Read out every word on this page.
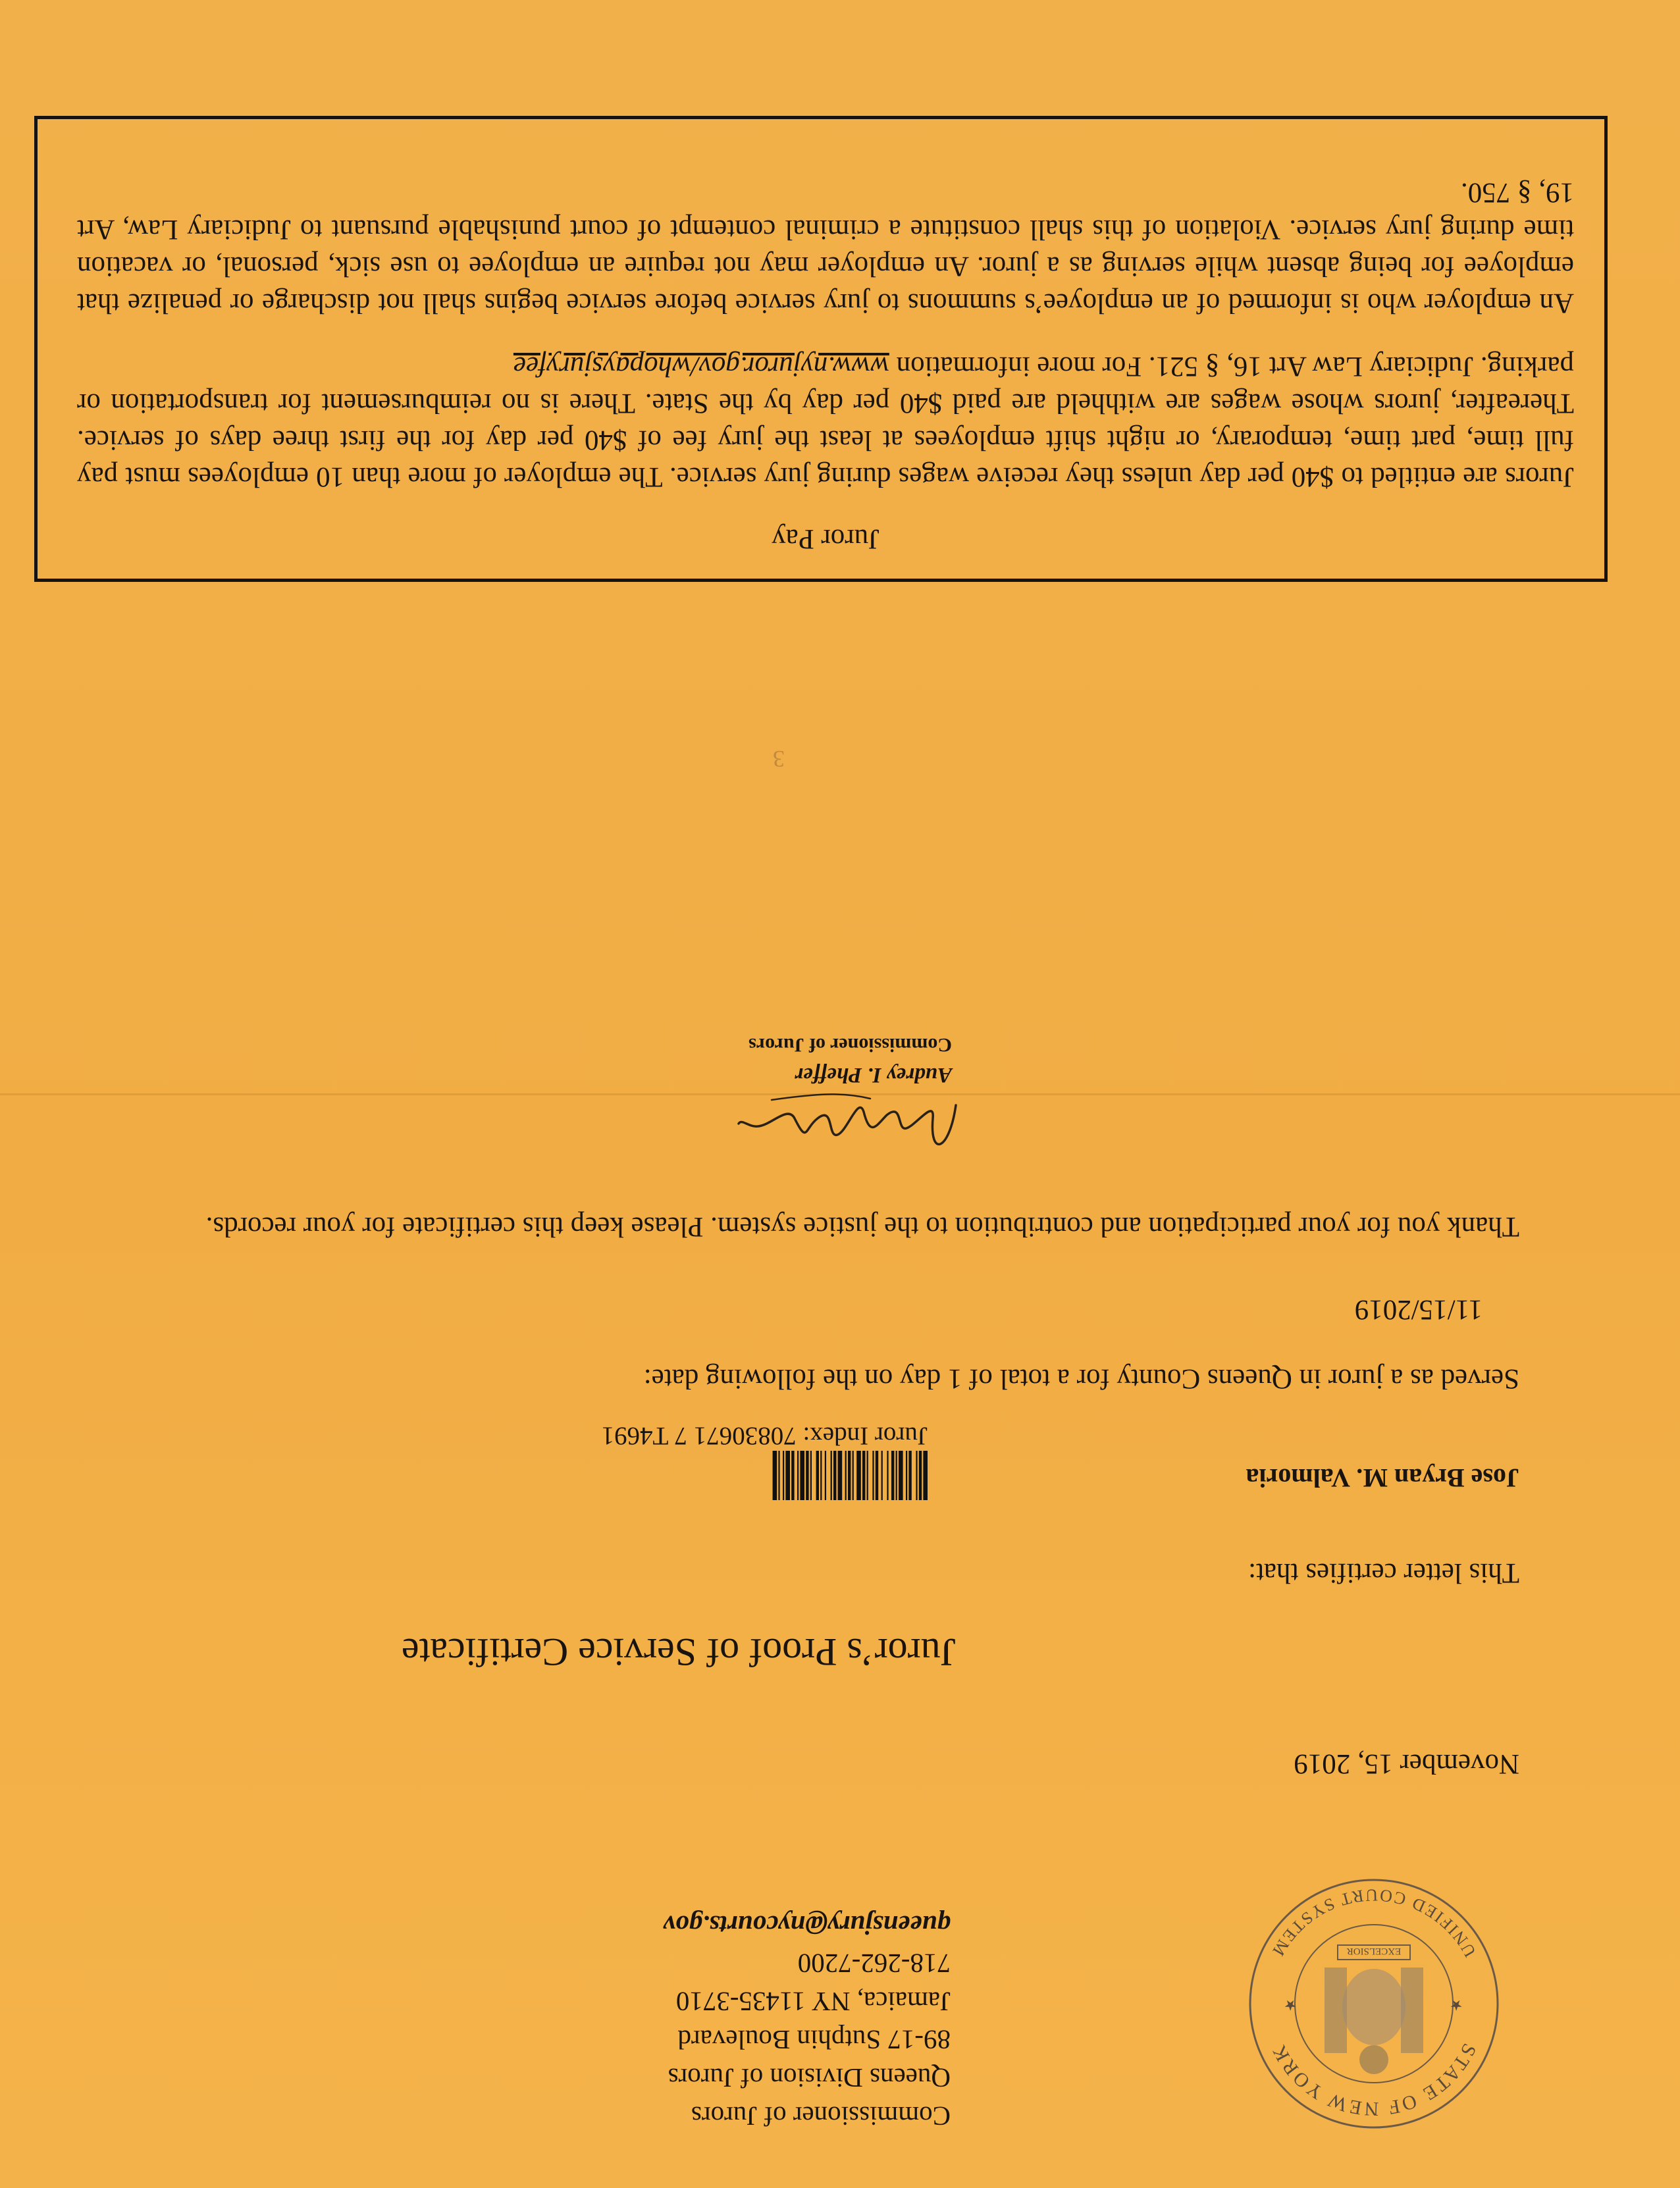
STATE OF NEW YORK
UNIFIED COURT SYSTEM
★
★
EXCELSIOR
Commissioner of Jurors
Queens Division of Jurors
89-17 Sutphin Boulevard
Jamaica, NY 11435-3710
718-262-7200
queensjury@nycourts.gov
November 15, 2019
Juror’s Proof of Service Certificate
This letter certifies that:
Jose Bryan M. Valmoria
Juror Index: 70830671 7 T4691
Served as a juror in Queens County for a total of 1 day on the following date:
11/15/2019
Thank you for your participation and contribution to the justice system. Please keep this certificate for your records.
Audrey I. Pheffer
Commissioner of Jurors
3
Juror Pay

Jurors are entitled to $40 per day unless they receive wages during jury service. The employer of more than 10 employees must pay full time, part time, temporary, or night shift employees at least the jury fee of $40 per day for the first three days of service. Thereafter, jurors whose wages are withheld are paid $40 per day by the State. There is no reimbursement for transportation or parking. Judiciary Law Art 16, § 521. For more information www.nyjuror.gov/whopaysjuryfee

An employer who is informed of an employee’s summons to jury service before service begins shall not discharge or penalize that employee for being absent while serving as a juror. An employer may not require an employee to use sick, personal, or vacation time during jury service. Violation of this shall constitute a criminal contempt of court punishable pursuant to Judiciary Law, Art 19, § 750.
